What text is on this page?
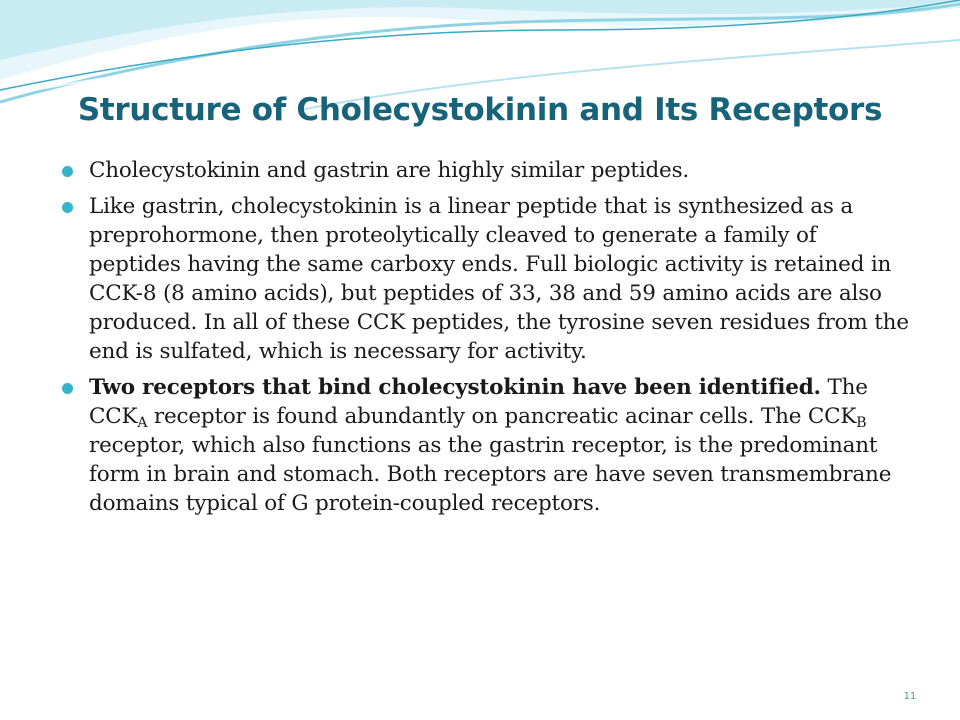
Structure of Cholecystokinin and Its Receptors
Cholecystokinin and gastrin are highly similar peptides.
Like gastrin, cholecystokinin is a linear peptide that is synthesized as a preprohormone, then proteolytically cleaved to generate a family of peptides having the same carboxy ends. Full biologic activity is retained in CCK-8 (8 amino acids), but peptides of 33, 38 and 59 amino acids are also produced. In all of these CCK peptides, the tyrosine seven residues from the end is sulfated, which is necessary for activity.
Two receptors that bind cholecystokinin have been identified. The $CCK_A$ receptor is found abundantly on pancreatic acinar cells. The $CCK_B$ receptor, which also functions as the gastrin receptor, is the predominant form in brain and stomach. Both receptors are have seven transmembrane domains typical of G protein-coupled receptors.
11
